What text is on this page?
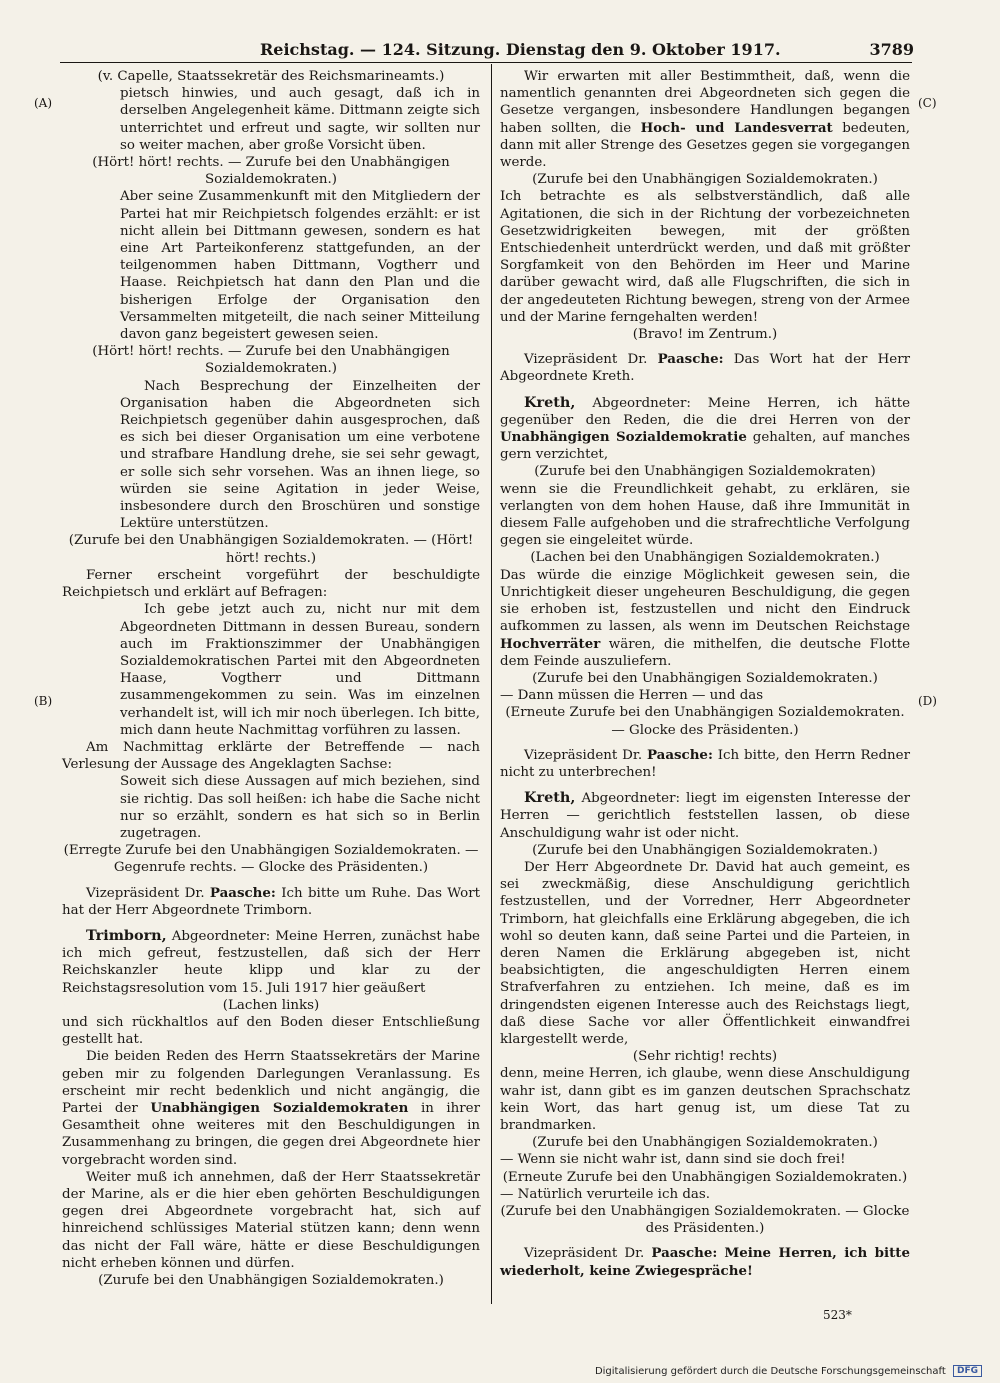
Reichstag. — 124. Sitzung. Dienstag den 9. Oktober 1917.	3789
(A)
(B)
(C)
(D)

(v. Capelle, Staatssekretär des Reichsmarineamts.)

pietsch hinwies, und auch gesagt, daß ich in derselben Angelegenheit käme. Dittmann zeigte sich unterrichtet und erfreut und sagte, wir sollten nur so weiter machen, aber große Vorsicht üben.

(Hört! hört! rechts. — Zurufe bei den Unabhängigen Sozialdemokraten.)

Aber seine Zusammenkunft mit den Mitgliedern der Partei hat mir Reichpietsch folgendes erzählt: er ist nicht allein bei Dittmann gewesen, sondern es hat eine Art Parteikonferenz stattgefunden, an der teilgenommen haben Dittmann, Vogtherr und Haase. Reichpietsch hat dann den Plan und die bisherigen Erfolge der Organisation den Versammelten mitgeteilt, die nach seiner Mitteilung davon ganz begeistert gewesen seien.

(Hört! hört! rechts. — Zurufe bei den Unabhängigen Sozialdemokraten.)

Nach Besprechung der Einzelheiten der Organisation haben die Abgeordneten sich Reichpietsch gegenüber dahin ausgesprochen, daß es sich bei dieser Organisation um eine verbotene und strafbare Handlung drehe, sie sei sehr gewagt, er solle sich sehr vorsehen. Was an ihnen liege, so würden sie seine Agitation in jeder Weise, insbesondere durch den Broschüren und sonstige Lektüre unterstützen.

(Zurufe bei den Unabhängigen Sozialdemokraten. — (Hört! hört! rechts.)

Ferner erscheint vorgeführt der beschuldigte Reichpietsch und erklärt auf Befragen:

Ich gebe jetzt auch zu, nicht nur mit dem Abgeordneten Dittmann in dessen Bureau, sondern auch im Fraktionszimmer der Unabhängigen Sozialdemokratischen Partei mit den Abgeordneten Haase, Vogtherr und Dittmann zusammengekommen zu sein. Was im einzelnen verhandelt ist, will ich mir noch überlegen. Ich bitte, mich dann heute Nachmittag vorführen zu lassen.

Am Nachmittag erklärte der Betreffende — nach Verlesung der Aussage des Angeklagten Sachse:

Soweit sich diese Aussagen auf mich beziehen, sind sie richtig. Das soll heißen: ich habe die Sache nicht nur so erzählt, sondern es hat sich so in Berlin zugetragen.

(Erregte Zurufe bei den Unabhängigen Sozialdemokraten. — Gegenrufe rechts. — Glocke des Präsidenten.)

Vizepräsident Dr. Paasche: Ich bitte um Ruhe. Das Wort hat der Herr Abgeordnete Trimborn.

Trimborn, Abgeordneter: Meine Herren, zunächst habe ich mich gefreut, festzustellen, daß sich der Herr Reichskanzler heute klipp und klar zu der Reichstagsresolution vom 15. Juli 1917 hier geäußert

(Lachen links)

und sich rückhaltlos auf den Boden dieser Entschließung gestellt hat.

Die beiden Reden des Herrn Staatssekretärs der Marine geben mir zu folgenden Darlegungen Veranlassung. Es erscheint mir recht bedenklich und nicht angängig, die Partei der Unabhängigen Sozialdemokraten in ihrer Gesamtheit ohne weiteres mit den Beschuldigungen in Zusammenhang zu bringen, die gegen drei Abgeordnete hier vorgebracht worden sind.

Weiter muß ich annehmen, daß der Herr Staatssekretär der Marine, als er die hier eben gehörten Beschuldigungen gegen drei Abgeordnete vorgebracht hat, sich auf hinreichend schlüssiges Material stützen kann; denn wenn das nicht der Fall wäre, hätte er diese Beschuldigungen nicht erheben können und dürfen.

(Zurufe bei den Unabhängigen Sozialdemokraten.)

Wir erwarten mit aller Bestimmtheit, daß, wenn die namentlich genannten drei Abgeordneten sich gegen die Gesetze vergangen, insbesondere Handlungen begangen haben sollten, die Hoch- und Landesverrat bedeuten, dann mit aller Strenge des Gesetzes gegen sie vorgegangen werde.

(Zurufe bei den Unabhängigen Sozialdemokraten.)

Ich betrachte es als selbstverständlich, daß alle Agitationen, die sich in der Richtung der vorbezeichneten Gesetzwidrigkeiten bewegen, mit der größten Entschiedenheit unterdrückt werden, und daß mit größter Sorgfamkeit von den Behörden im Heer und Marine darüber gewacht wird, daß alle Flugschriften, die sich in der angedeuteten Richtung bewegen, streng von der Armee und der Marine ferngehalten werden!

(Bravo! im Zentrum.)

Vizepräsident Dr. Paasche: Das Wort hat der Herr Abgeordnete Kreth.

Kreth, Abgeordneter: Meine Herren, ich hätte gegenüber den Reden, die die drei Herren von der Unabhängigen Sozialdemokratie gehalten, auf manches gern verzichtet,

(Zurufe bei den Unabhängigen Sozialdemokraten)

wenn sie die Freundlichkeit gehabt, zu erklären, sie verlangten von dem hohen Hause, daß ihre Immunität in diesem Falle aufgehoben und die strafrechtliche Verfolgung gegen sie eingeleitet würde.

(Lachen bei den Unabhängigen Sozialdemokraten.)

Das würde die einzige Möglichkeit gewesen sein, die Unrichtigkeit dieser ungeheuren Beschuldigung, die gegen sie erhoben ist, festzustellen und nicht den Eindruck aufkommen zu lassen, als wenn im Deutschen Reichstage Hochverräter wären, die mithelfen, die deutsche Flotte dem Feinde auszuliefern.

(Zurufe bei den Unabhängigen Sozialdemokraten.)

— Dann müssen die Herren — und das

(Erneute Zurufe bei den Unabhängigen Sozialdemokraten. — Glocke des Präsidenten.)

Vizepräsident Dr. Paasche: Ich bitte, den Herrn Redner nicht zu unterbrechen!

Kreth, Abgeordneter: liegt im eigensten Interesse der Herren — gerichtlich feststellen lassen, ob diese Anschuldigung wahr ist oder nicht.

(Zurufe bei den Unabhängigen Sozialdemokraten.)

Der Herr Abgeordnete Dr. David hat auch gemeint, es sei zweckmäßig, diese Anschuldigung gerichtlich festzustellen, und der Vorredner, Herr Abgeordneter Trimborn, hat gleichfalls eine Erklärung abgegeben, die ich wohl so deuten kann, daß seine Partei und die Parteien, in deren Namen die Erklärung abgegeben ist, nicht beabsichtigten, die angeschuldigten Herren einem Strafverfahren zu entziehen. Ich meine, daß es im dringendsten eigenen Interesse auch des Reichstags liegt, daß diese Sache vor aller Öffentlichkeit einwandfrei klargestellt werde,

(Sehr richtig! rechts)

denn, meine Herren, ich glaube, wenn diese Anschuldigung wahr ist, dann gibt es im ganzen deutschen Sprachschatz kein Wort, das hart genug ist, um diese Tat zu brandmarken.

(Zurufe bei den Unabhängigen Sozialdemokraten.)

— Wenn sie nicht wahr ist, dann sind sie doch frei!

(Erneute Zurufe bei den Unabhängigen Sozialdemokraten.)

— Natürlich verurteile ich das.

(Zurufe bei den Unabhängigen Sozialdemokraten. — Glocke des Präsidenten.)

Vizepräsident Dr. Paasche: Meine Herren, ich bitte wiederholt, keine Zwiegespräche!

523*
Digitalisierung gefördert durch die Deutsche Forschungsgemeinschaft DFG
